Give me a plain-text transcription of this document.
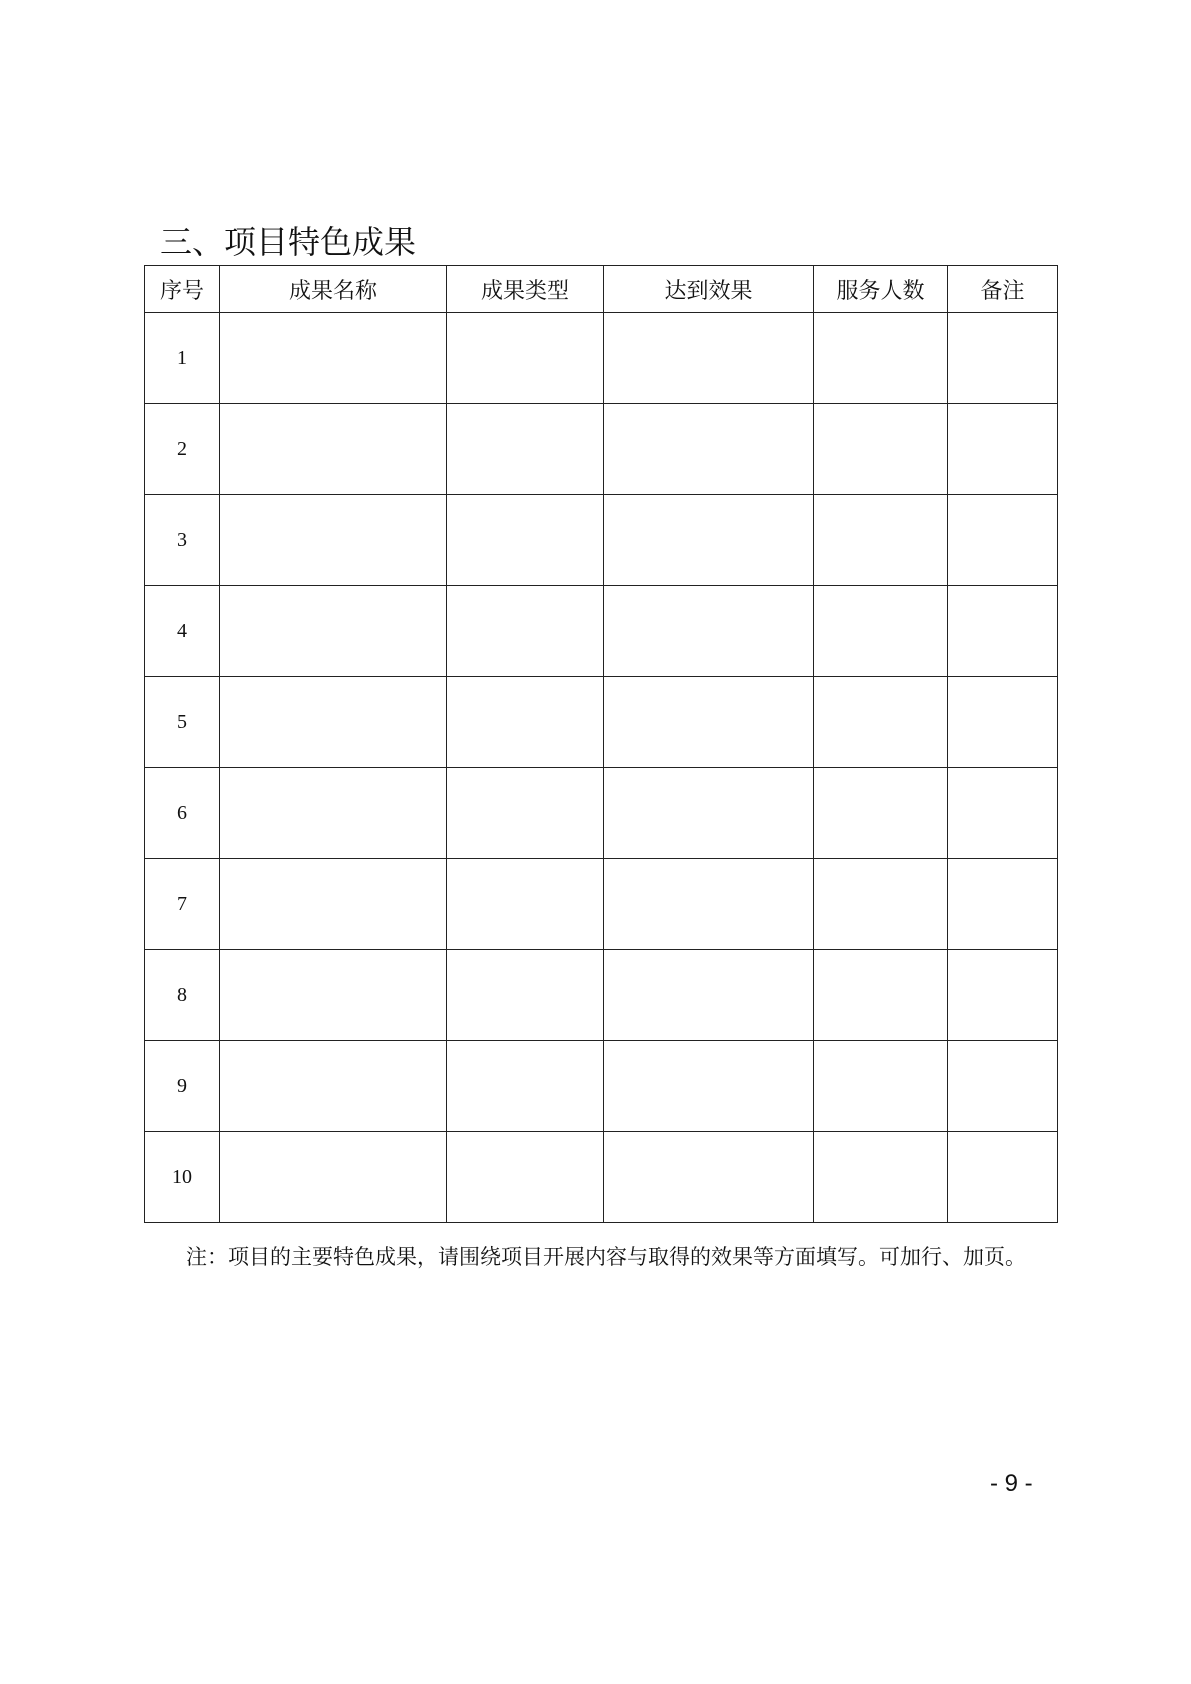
三、项目特色成果
序号	成果名称	成果类型	达到效果	服务人数	备注
1					
2					
3					
4					
5					
6					
7					
8					
9					
10					
注：项目的主要特色成果，请围绕项目开展内容与取得的效果等方面填写。可加行、加页。
- 9 -
